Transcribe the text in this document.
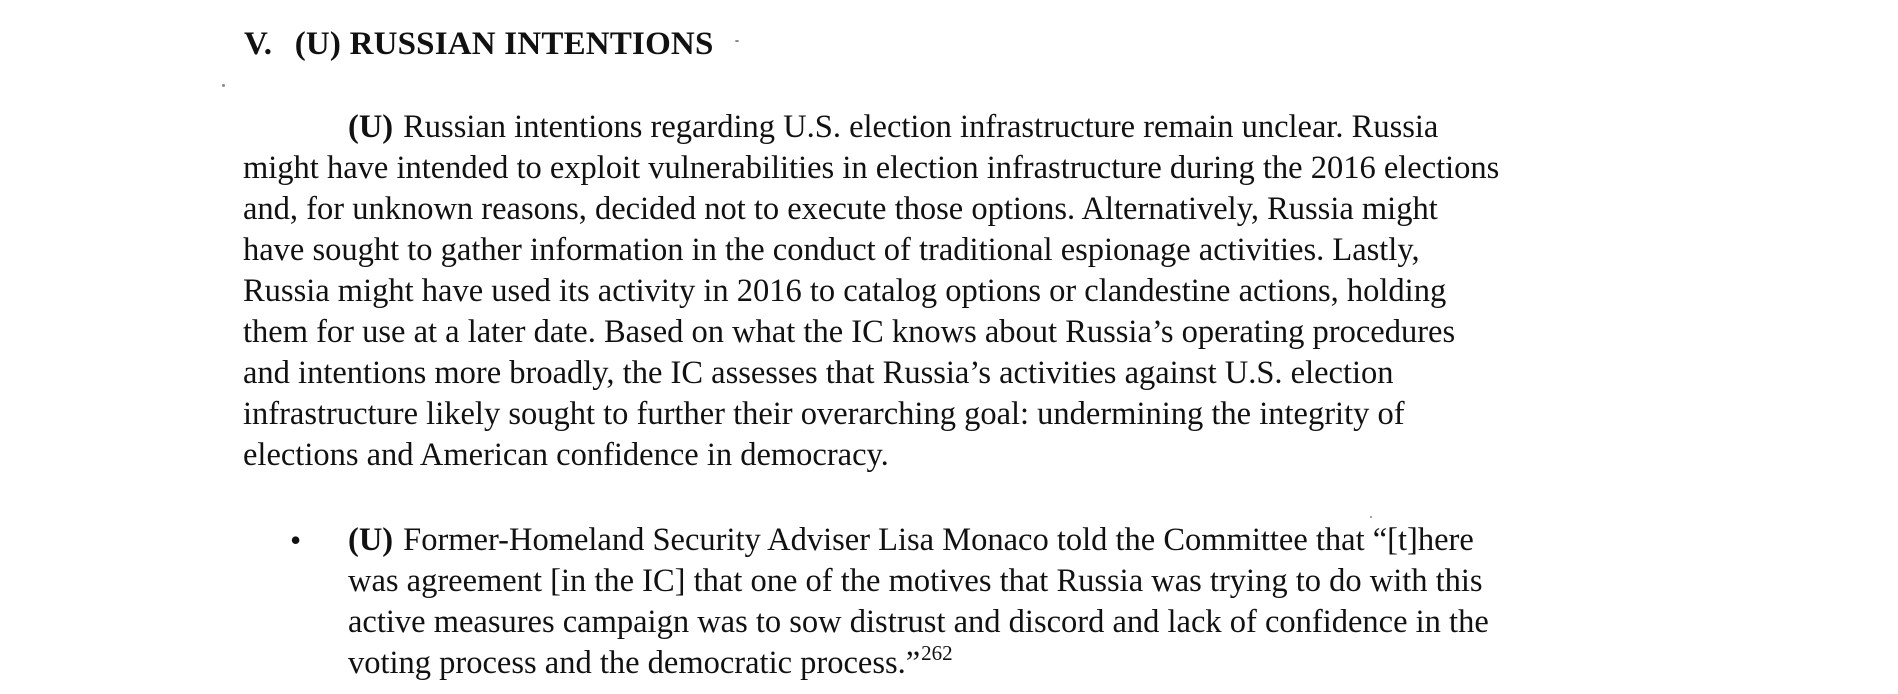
V. (U) RUSSIAN INTENTIONS
(U) Russian intentions regarding U.S. election infrastructure remain unclear. Russia
might have intended to exploit vulnerabilities in election infrastructure during the 2016 elections
and, for unknown reasons, decided not to execute those options. Alternatively, Russia might
have sought to gather information in the conduct of traditional espionage activities. Lastly,
Russia might have used its activity in 2016 to catalog options or clandestine actions, holding
them for use at a later date. Based on what the IC knows about Russia’s operating procedures
and intentions more broadly, the IC assesses that Russia’s activities against U.S. election
infrastructure likely sought to further their overarching goal: undermining the integrity of
elections and American confidence in democracy.
• (U) Former-Homeland Security Adviser Lisa Monaco told the Committee that “[t]here
was agreement [in the IC] that one of the motives that Russia was trying to do with this
active measures campaign was to sow distrust and discord and lack of confidence in the
voting process and the democratic process.”$^{262}$
